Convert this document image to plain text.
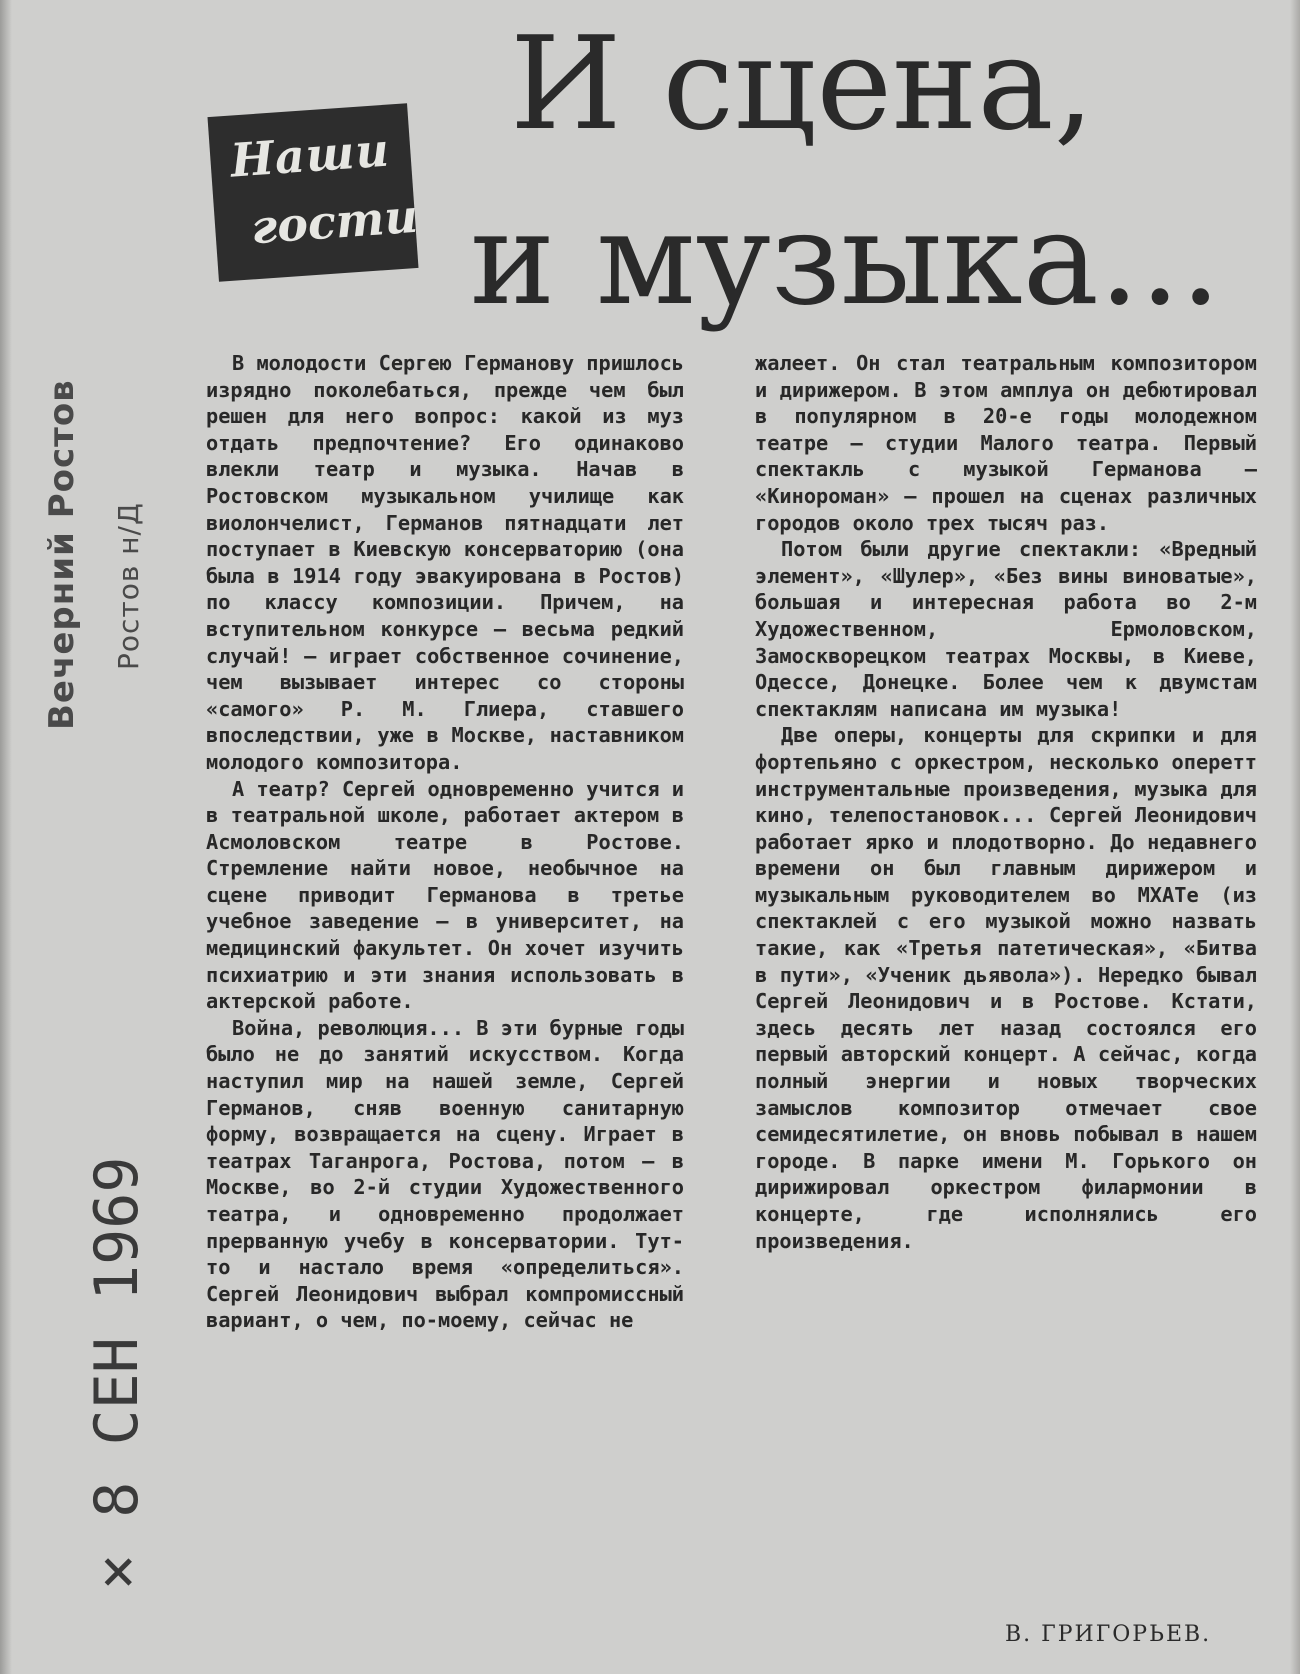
Вечерний Ростов Ростов н/Д
× 8 СЕН 1969
Наши
гости
И сцена,
и музыка...

В молодости Сергею Германову пришлось изрядно поколебаться, прежде чем был решен для него вопрос: какой из муз отдать предпочтение? Его одинаково влекли театр и музыка. Начав в Ростовском музыкальном училище как виолончелист, Германов пятнадцати лет поступает в Киевскую консерваторию (она была в 1914 году эвакуирована в Ростов) по классу композиции. Причем, на вступительном конкурсе — весьма редкий случай! — играет собственное сочинение, чем вызывает интерес со стороны «самого» Р. М. Глиера, ставшего впоследствии, уже в Москве, наставником молодого композитора.

А театр? Сергей одновременно учится и в театральной школе, работает актером в Асмоловском театре в Ростове. Стремление найти новое, необычное на сцене приводит Германова в третье учебное заведение — в университет, на медицинский факультет. Он хочет изучить психиатрию и эти знания использовать в актерской работе.

Война, революция... В эти бурные годы было не до занятий искусством. Когда наступил мир на нашей земле, Сергей Германов, сняв военную санитарную форму, возвращается на сцену. Играет в театрах Таганрога, Ростова, потом — в Москве, во 2-й студии Художественного театра, и одновременно продолжает прерванную учебу в консерватории. Тут-то и настало время «определиться». Сергей Леонидович выбрал компромиссный вариант, о чем, по-моему, сейчас не

жалеет. Он стал театральным композитором и дирижером. В этом амплуа он дебютировал в популярном в 20-е годы молодежном театре — студии Малого театра. Первый спектакль с музыкой Германова — «Кинороман» — прошел на сценах различных городов около трех тысяч раз.

Потом были другие спектакли: «Вредный элемент», «Шулер», «Без вины виноватые», большая и интересная работа во 2-м Художественном, Ермоловском, Замоскворецком театрах Москвы, в Киеве, Одессе, Донецке. Более чем к двумстам спектаклям написана им музыка!

Две оперы, концерты для скрипки и для фортепьяно с оркестром, несколько оперетт инструментальные произведения, музыка для кино, телепостановок... Сергей Леонидович работает ярко и плодотворно. До недавнего времени он был главным дирижером и музыкальным руководителем во МХАТе (из спектаклей с его музыкой можно назвать такие, как «Третья патетическая», «Битва в пути», «Ученик дьявола»). Нередко бывал Сергей Леонидович и в Ростове. Кстати, здесь десять лет назад состоялся его первый авторский концерт. А сейчас, когда полный энергии и новых творческих замыслов композитор отмечает свое семидесятилетие, он вновь побывал в нашем городе. В парке имени М. Горького он дирижировал оркестром филармонии в концерте, где исполнялись его произведения.

В. ГРИГОРЬЕВ.
